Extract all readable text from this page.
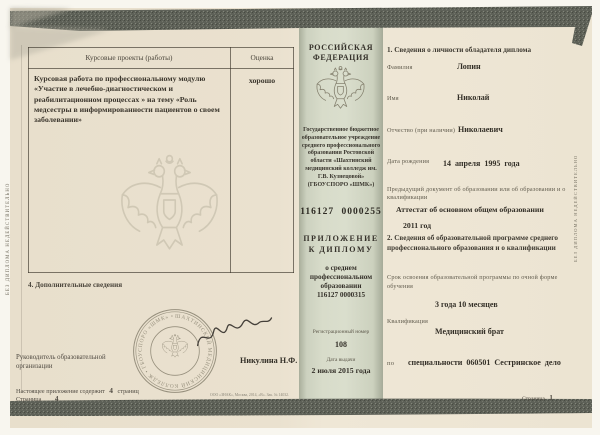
ШАХТИНСКИЙ МЕДИЦИНСКИЙ КОЛЛЕДЖ • ГБОУСПОРО «ШМК» • РОСТОВСКАЯ ОБЛАСТЬ •
БЕЗ ДИПЛОМА НЕДЕЙСТВИТЕЛЬНО
Курсовые проекты (работы)	Оценка
Курсовая работа по профессиональному модулю «Участие в лечебно-диагностическом и реабилитационном процессах » на тему «Роль медсестры в информированности пациентов о своем заболевании»
хорошо
4. Дополнительные сведения
Руководитель образовательной организации
Никулина Н.Ф.
Настоящее приложение содержит 4 страниц
Страница 4	ООО «ЗНАК», Москва, 2014, «В». Зак. № 14032.
РОССИЙСКАЯ ФЕДЕРАЦИЯ
Государственное бюджетное образовательное учреждение среднего профессионального образования Ростовской области «Шахтинский медицинский колледж им. Г.В. Кузнецовой» (ГБОУСПОРО «ШМК»)
116127 0000255
ПРИЛОЖЕНИЕ К ДИПЛОМУ
о среднем профессиональном образовании
116127 0000315
Регистрационный номер
108
Дата выдачи
2 июля 2015 года
1. Сведения о личности обладателя диплома
Фамилия	Лопин
Имя	Николай
Отчество (при наличии) Николаевич
Дата рождения 14 апреля 1995 года
Предыдущий документ об образовании или об образовании и о квалификации
Аттестат об основном общем образовании
2011 год
2. Сведения об образовательной программе среднего профессионального образования и о квалификации
Срок освоения образовательной программы по очной форме обучения
3 года 10 месяцев
Квалификация
Медицинский брат
по специальности 060501 Сестринское дело
Страница 1
БЕЗ ДИПЛОМА НЕДЕЙСТВИТЕЛЬНО
